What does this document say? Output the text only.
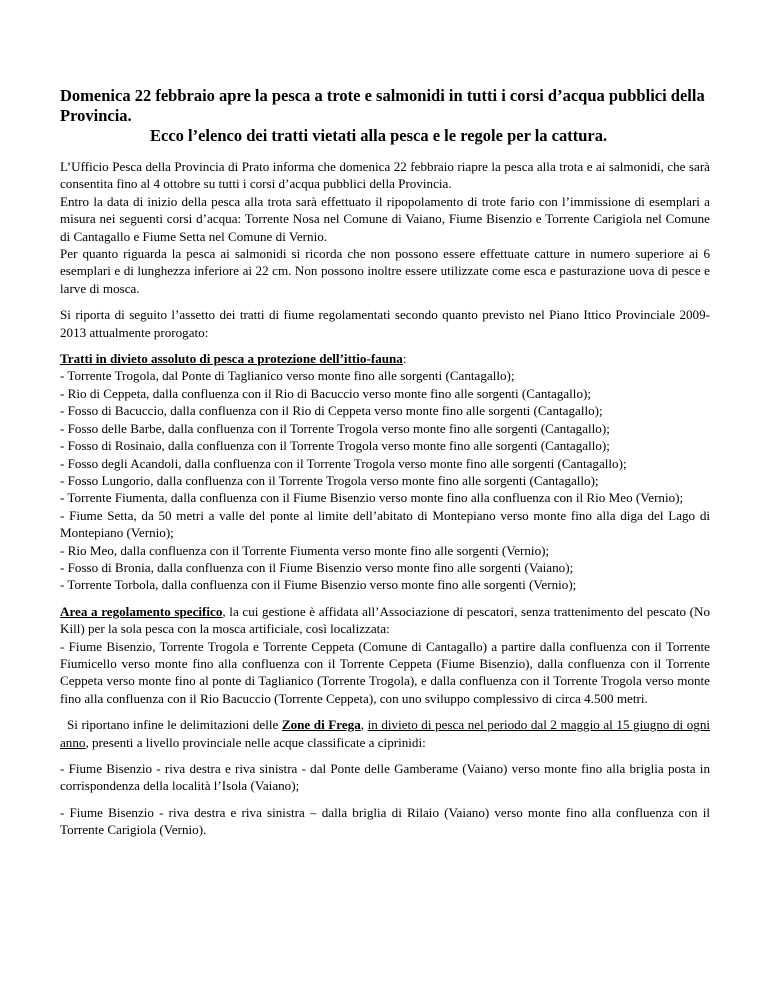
Domenica 22 febbraio apre la pesca a trote e salmonidi in tutti i corsi d’acqua pubblici della Provincia.
Ecco l’elenco dei tratti vietati alla pesca e le regole per la cattura.

L’Ufficio Pesca della Provincia di Prato informa che domenica 22 febbraio riapre la pesca alla trota e ai salmonidi, che sarà consentita fino al 4 ottobre su tutti i corsi d’acqua pubblici della Provincia.

Entro la data di inizio della pesca alla trota sarà effettuato il ripopolamento di trote fario con l’immissione di esemplari a misura nei seguenti corsi d’acqua: Torrente Nosa nel Comune di Vaiano, Fiume Bisenzio e Torrente Carigiola nel Comune di Cantagallo e Fiume Setta nel Comune di Vernio.

Per quanto riguarda la pesca ai salmonidi si ricorda che non possono essere effettuate catture in numero superiore ai 6 esemplari e di lunghezza inferiore ai 22 cm. Non possono inoltre essere utilizzate come esca e pasturazione uova di pesce e larve di mosca.

Si riporta di seguito l’assetto dei tratti di fiume regolamentati secondo quanto previsto nel Piano Ittico Provinciale 2009-2013 attualmente prorogato:

Tratti in divieto assoluto di pesca a protezione dell’ittio-fauna:

- Torrente Trogola, dal Ponte di Taglianico verso monte fino alle sorgenti (Cantagallo);

- Rio di Ceppeta, dalla confluenza con il Rio di Bacuccio verso monte fino alle sorgenti (Cantagallo);

- Fosso di Bacuccio, dalla confluenza con il Rio di Ceppeta verso monte fino alle sorgenti (Cantagallo);

- Fosso delle Barbe, dalla confluenza con il Torrente Trogola verso monte fino alle sorgenti (Cantagallo);

- Fosso di Rosinaio, dalla confluenza con il Torrente Trogola verso monte fino alle sorgenti (Cantagallo);

- Fosso degli Acandoli, dalla confluenza con il Torrente Trogola verso monte fino alle sorgenti (Cantagallo);

- Fosso Lungorio, dalla confluenza con il Torrente Trogola verso monte fino alle sorgenti (Cantagallo);

- Torrente Fiumenta, dalla confluenza con il Fiume Bisenzio verso monte fino alla confluenza con il Rio Meo (Vernio);

- Fiume Setta, da 50 metri a valle del ponte al limite dell’abitato di Montepiano verso monte fino alla diga del Lago di Montepiano (Vernio);

- Rio Meo, dalla confluenza con il Torrente Fiumenta verso monte fino alle sorgenti (Vernio);

- Fosso di Bronia, dalla confluenza con il Fiume Bisenzio verso monte fino alle sorgenti (Vaiano);

- Torrente Torbola, dalla confluenza con il Fiume Bisenzio verso monte fino alle sorgenti (Vernio);

Area a regolamento specifico, la cui gestione è affidata all’Associazione di pescatori, senza trattenimento del pescato (No Kill) per la sola pesca con la mosca artificiale, così localizzata:

- Fiume Bisenzio, Torrente Trogola e Torrente Ceppeta (Comune di Cantagallo) a partire dalla confluenza con il Torrente Fiumicello verso monte fino alla confluenza con il Torrente Ceppeta (Fiume Bisenzio), dalla confluenza con il Torrente Ceppeta verso monte fino al ponte di Taglianico (Torrente Trogola), e dalla confluenza con il Torrente Trogola verso monte fino alla confluenza con il Rio Bacuccio (Torrente Ceppeta), con uno sviluppo complessivo di circa 4.500 metri.

Si riportano infine le delimitazioni delle Zone di Frega, in divieto di pesca nel periodo dal 2 maggio al 15 giugno di ogni anno, presenti a livello provinciale nelle acque classificate a ciprinidi:

- Fiume Bisenzio - riva destra e riva sinistra - dal Ponte delle Gamberame (Vaiano) verso monte fino alla briglia posta in corrispondenza della località l’Isola (Vaiano);

- Fiume Bisenzio - riva destra e riva sinistra – dalla briglia di Rilaio (Vaiano) verso monte fino alla confluenza con il Torrente Carigiola (Vernio).
